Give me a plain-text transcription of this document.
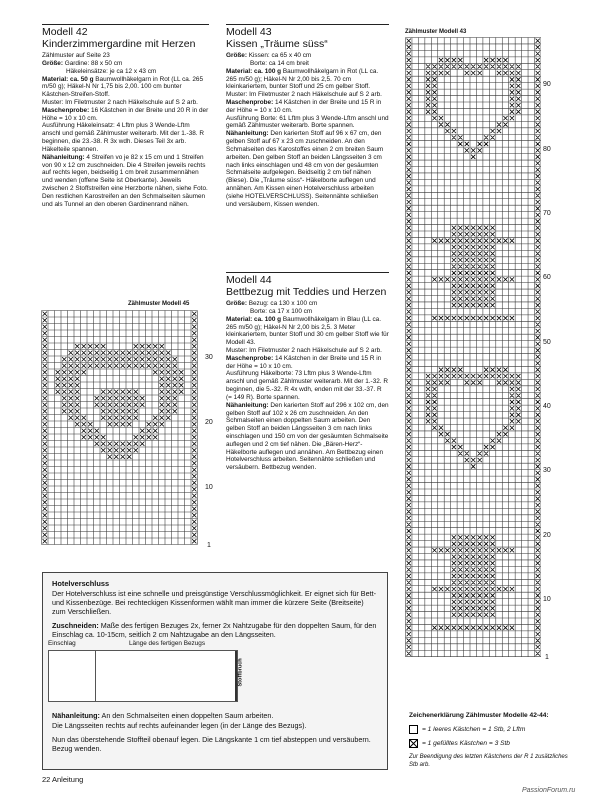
Modell 42
Kinderzimmergardine mit Herzen

Zählmuster auf Seite 23

Größe: Gardine: 88 x 50 cm

Häkeleinsätze: je ca 12 x 43 cm

Material: ca. 50 g Baumwollhäkelgarn in Rot (LL ca. 265 m/50 g); Häkel-N Nr 1,75 bis 2,00. 100 cm bunter Kästchen-Streifen-Stoff.

Muster: Im Filetmuster 2 nach Häkelschule auf S 2 arb.

Maschenprobe: 16 Kästchen in der Breite und 20 R in der Höhe = 10 x 10 cm.

Ausführung Häkeleinsatz: 4 Lftm plus 3 Wende-Lftm anschl und gemäß Zählmuster weiterarb. Mit der 1.-38. R beginnen, die 23.-38. R 3x wdh. Dieses Teil 3x arb. Häkelteile spannen.

Nähanleitung: 4 Streifen vo je 82 x 15 cm und 1 Streifen von 90 x 12 cm zuschneiden. Die 4 Streifen jeweils rechts auf rechts legen, beidseitig 1 cm breit zusammennähen und wenden (offene Seite ist Oberkante). Jeweils zwischen 2 Stoffstreifen eine Herzborte nähen, siehe Foto. Den restlichen Karostreifen an den Schmalseiten säumen und als Tunnel an den oberen Gardinenrand nähen.

Modell 43
Kissen „Träume süss“

Größe: Kissen: ca 65 x 40 cm

Borte: ca 14 cm breit

Material: ca. 100 g Baumwollhäkelgarn in Rot (LL ca. 265 m/50 g); Häkel-N Nr 2,00 bis 2,5. 70 cm kleinkariertem, bunter Stoff und 25 cm gelber Stoff.

Muster: Im Filetmuster 2 nach Häkelschule auf S 2 arb.

Maschenprobe: 14 Kästchen in der Breite und 15 R in der Höhe = 10 x 10 cm.

Ausführung Borte: 61 Lftm plus 3 Wende-Lftm anschl und gemäß Zählmuster weiterarb. Borte spannen.

Nähanleitung: Den karierten Stoff auf 96 x 67 cm, den gelben Stoff auf 67 x 23 cm zuschneiden. An den Schmalseiten des Karostoffes einen 2 cm breiten Saum arbeiten. Den gelben Stoff an beiden Längsseiten 3 cm nach links einschlagen und 48 cm von der gesäumten Schmalseite aufgelegen. Beidseitig 2 cm tief nähen (Biese). Die „Träume süss“- Häkelborte auflegen und annähen. Am Kissen einen Hotelverschluss arbeiten (siehe HOTELVERSCHLUSS). Seitennähte schließen und versäubern, Kissen wenden.

Modell 44
Bettbezug mit Teddies und Herzen

Größe: Bezug: ca 130 x 100 cm

Borte: ca 17 x 100 cm

Material: ca. 100 g Baumwollhäkelgarn in Blau (LL ca. 265 m/50 g); Häkel-N Nr 2,00 bis 2,5. 3 Meter kleinkariertem, bunter Stoff und 30 cm gelber Stoff wie für Modell 43.

Muster: Im Filetmuster 2 nach Häkelschule auf S 2 arb.

Maschenprobe: 14 Kästchen in der Breite und 15 R in der Höhe = 10 x 10 cm.

Ausführung Häkelborte: 73 Lftm plus 3 Wende-Lftm anschl und gemäß Zählmuster weiterarb. Mit der 1.-32. R beginnen, die 5.-32. R 4x wdh, enden mit der 33.-37. R (= 149 R). Borte spannen.

Nähanleitung: Den karierten Stoff auf 296 x 102 cm, den gelben Stoff auf 102 x 26 cm zuschneiden. An den Schmalseiten einen doppelten Saum arbeiten. Den gelben Stoff an beiden Längsseiten 3 cm nach links einschlagen und 150 cm von der gesäumten Schmalseite auflegen und 2 cm tief nähen. Die „Bären-Herz“-Häkelborte auflegen und annähen. Am Bettbezug einen Hotelverschluss arbeiten. Seitennähte schließen und versäubern. Bettbezug wenden.

Zählmuster Modell 45
30
20
10
1
Zählmuster Modell 43
90
80
70
60
50
40
30
20
10
1
Hotelverschluss

Der Hotelverschluss ist eine schnelle und preisgünstige Verschlussmöglichkeit. Er eignet sich für Bett- und Kissenbezüge. Bei rechteckigen Kissenformen wählt man immer die kürzere Seite (Breitseite) zum Verschließen.

Zuschneiden: Maße des fertigen Bezuges 2x, ferner 2x Nahtzugabe für den doppelten Saum, für den Einschlag ca. 10-15cm, seitlich 2 cm Nahtzugabe an den Längsseiten.

Einschlag	Länge des fertigen Bezugs
Stoffbruch

Nähanleitung: An den Schmalseiten einen doppelten Saum arbeiten.

Die Längsseiten rechts auf rechts aufeinander legen (in der Länge des Bezugs).

Nun das überstehende Stoffteil obenauf legen. Die Längskante 1 cm tief absteppen und versäubern. Bezug wenden.

Zeichenerklärung Zählmuster Modelle 42-44:
= 1 leeres Kästchen = 1 Stb, 2 Lftm
= 1 gefülltes Kästchen = 3 Stb
Zur Beendigung des letzten Kästchens der R 1 zusätzliches Stb arb.
22 Anleitung
PassionForum.ru
